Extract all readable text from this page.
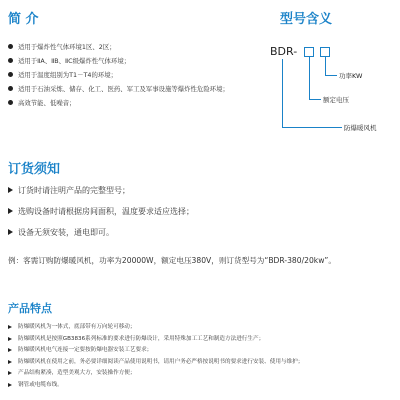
简 介
适用于爆炸性气体环境1区、2区；
适用于ⅡA、ⅡB、ⅡC级爆炸性气体环境；
适用于温度组别为T1－T4的环境；
适用于石油采炼、储存、化工、医药、军工及军事设施等爆炸性危险环境；
高效节能、低噪音；
型号含义
BDR-
功率KW
额定电压
防爆暖风机
订货须知
订货时请注明产品的完整型号；
选购设备时请根据房间面积，温度要求适应选择；
设备无须安装，通电即可。
例：客需订购防爆暖风机，功率为20000W，额定电压380V，则订货型号为“BDR-380/20kw”。
产品特点
防爆暖风机为一体式，底部带有万向轮可移动；
防爆暖风机是按照GB3836系列标准的要求进行防爆设计，采用特殊加工工艺和制造方法进行生产；
防爆暖风机电气连接一定要按防爆电器安装工艺要求；
防爆暖风机在使用之前，务必要详细阅读产品使用说明书，请用户务必严格按说明书的要求进行安装、使用与维护；
产品结构紧凑，造型美观大方，安装操作方便；
钢管或电缆布线。
